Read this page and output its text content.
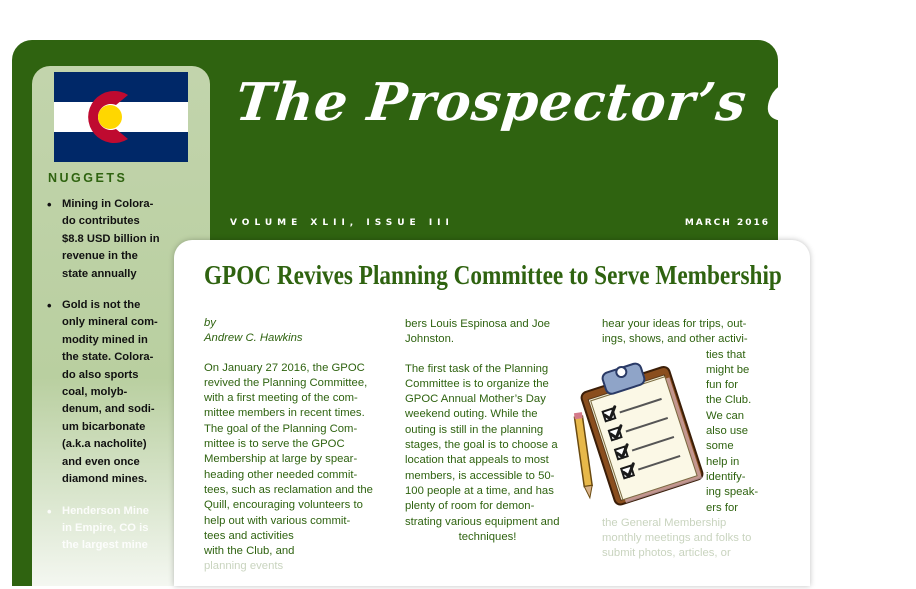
NUGGETS
• Mining in Colora-
do contributes
$8.8 USD billion in
revenue in the
state annually
• Gold is not the
only mineral com-
modity mined in
the state. Colora-
do also sports
coal, molyb-
denum, and sodi-
um bicarbonate
(a.k.a nacholite)
and even once
diamond mines.
• Henderson Mine
in Empire, CO is
the largest mine
The Prospector’s Quill
VOLUME XLII, ISSUE III	MARCH 2016
GPOC Revives Planning Committee to Serve Membership

by
Andrew C. Hawkins

On January 27 2016, the GPOC
revived the Planning Committee,
with a first meeting of the com-
mittee members in recent times.
The goal of the Planning Com-
mittee is to serve the GPOC
Membership at large by spear-
heading other needed commit-
tees, such as reclamation and the
Quill, encouraging volunteers to
help out with various commit-
tees and activities
with the Club, and
planning events

bers Louis Espinosa and Joe
Johnston.

The first task of the Planning
Committee is to organize the
GPOC Annual Mother’s Day
weekend outing. While the
outing is still in the planning
stages, the goal is to choose a
location that appeals to most
members, is accessible to 50-
100 people at a time, and has
plenty of room for demon-
strating various equipment and

techniques!

hear your ideas for trips, out-
ings, shows, and other activi-

ties that
might be
fun for
the Club.
We can
also use
some
help in
identify-
ing speak-
ers for
the General Membership
monthly meetings and folks to
submit photos, articles, or
